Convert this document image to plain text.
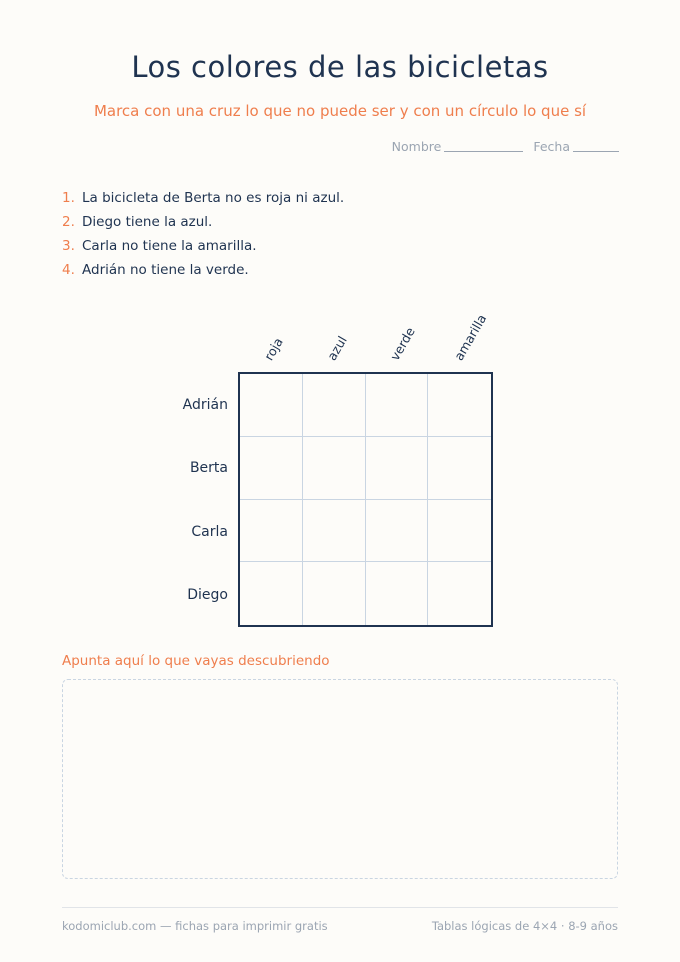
Los colores de las bicicletas
Marca con una cruz lo que no puede ser y con un círculo lo que sí
Nombre	Fecha
1. La bicicleta de Berta no es roja ni azul.
2. Diego tiene la azul.
3. Carla no tiene la amarilla.
4. Adrián no tiene la verde.
roja	azul	verde	amarilla
Adrián
Berta
Carla
Diego
Apunta aquí lo que vayas descubriendo
kodomiclub.com — fichas para imprimir gratis	Tablas lógicas de 4×4 · 8-9 años
